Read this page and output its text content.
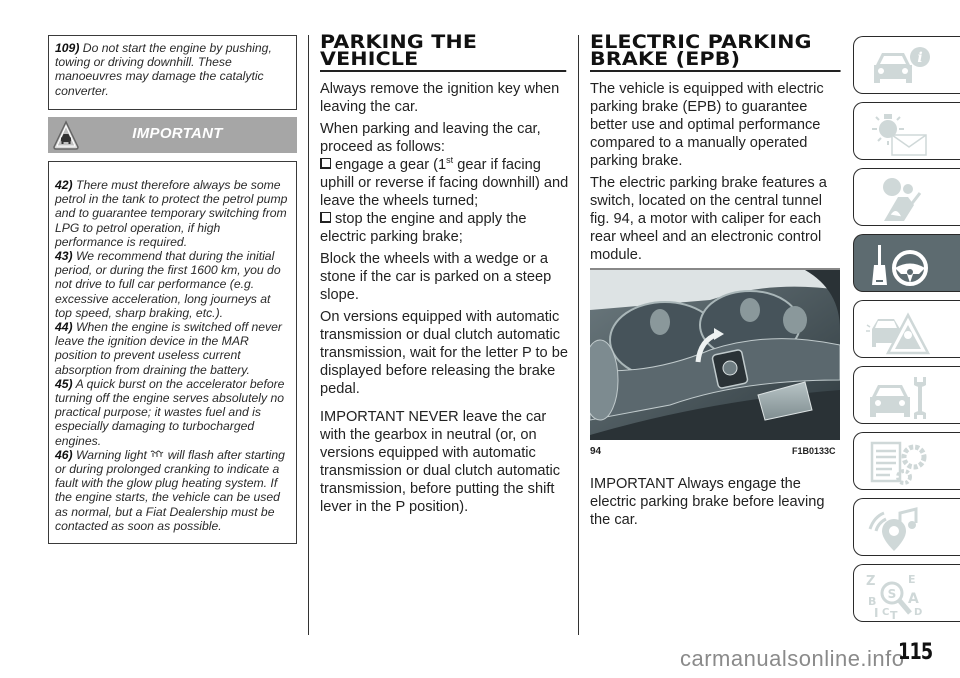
109) Do not start the engine by pushing, towing or driving downhill. These manoeuvres may damage the catalytic converter.
IMPORTANT
42) There must therefore always be some petrol in the tank to protect the petrol pump and to guarantee temporary switching from LPG to petrol operation, if high performance is required.
43) We recommend that during the initial period, or during the first 1600 km, you do not drive to full car performance (e.g. excessive acceleration, long journeys at top speed, sharp braking, etc.).
44) When the engine is switched off never leave the ignition device in the MAR position to prevent useless current absorption from draining the battery.
45) A quick burst on the accelerator before turning off the engine serves absolutely no practical purpose; it wastes fuel and is especially damaging to turbocharged engines.
46) Warning light will flash after starting or during prolonged cranking to indicate a fault with the glow plug heating system. If the engine starts, the vehicle can be used as normal, but a Fiat Dealership must be contacted as soon as possible.
PARKING THE
VEHICLE

Always remove the ignition key when leaving the car.

When parking and leaving the car, proceed as follows:

engage a gear (1st gear if facing uphill or reverse if facing downhill) and leave the wheels turned;
stop the engine and apply the electric parking brake;

Block the wheels with a wedge or a stone if the car is parked on a steep slope.

On versions equipped with automatic transmission or dual clutch automatic transmission, wait for the letter P to be displayed before releasing the brake pedal.

IMPORTANT NEVER leave the car with the gearbox in neutral (or, on versions equipped with automatic transmission or dual clutch automatic transmission, before putting the shift lever in the P position).

ELECTRIC PARKING
BRAKE (EPB)

The vehicle is equipped with electric parking brake (EPB) to guarantee better use and optimal performance compared to a manually operated parking brake.

The electric parking brake features a switch, located on the central tunnel fig. 94, a motor with caliper for each rear wheel and an electronic control module.

94	F1B0133C

IMPORTANT Always engage the electric parking brake before leaving the car.

i
Z
B
I C T
E
A
D
S
carmanualsonline.info
115
